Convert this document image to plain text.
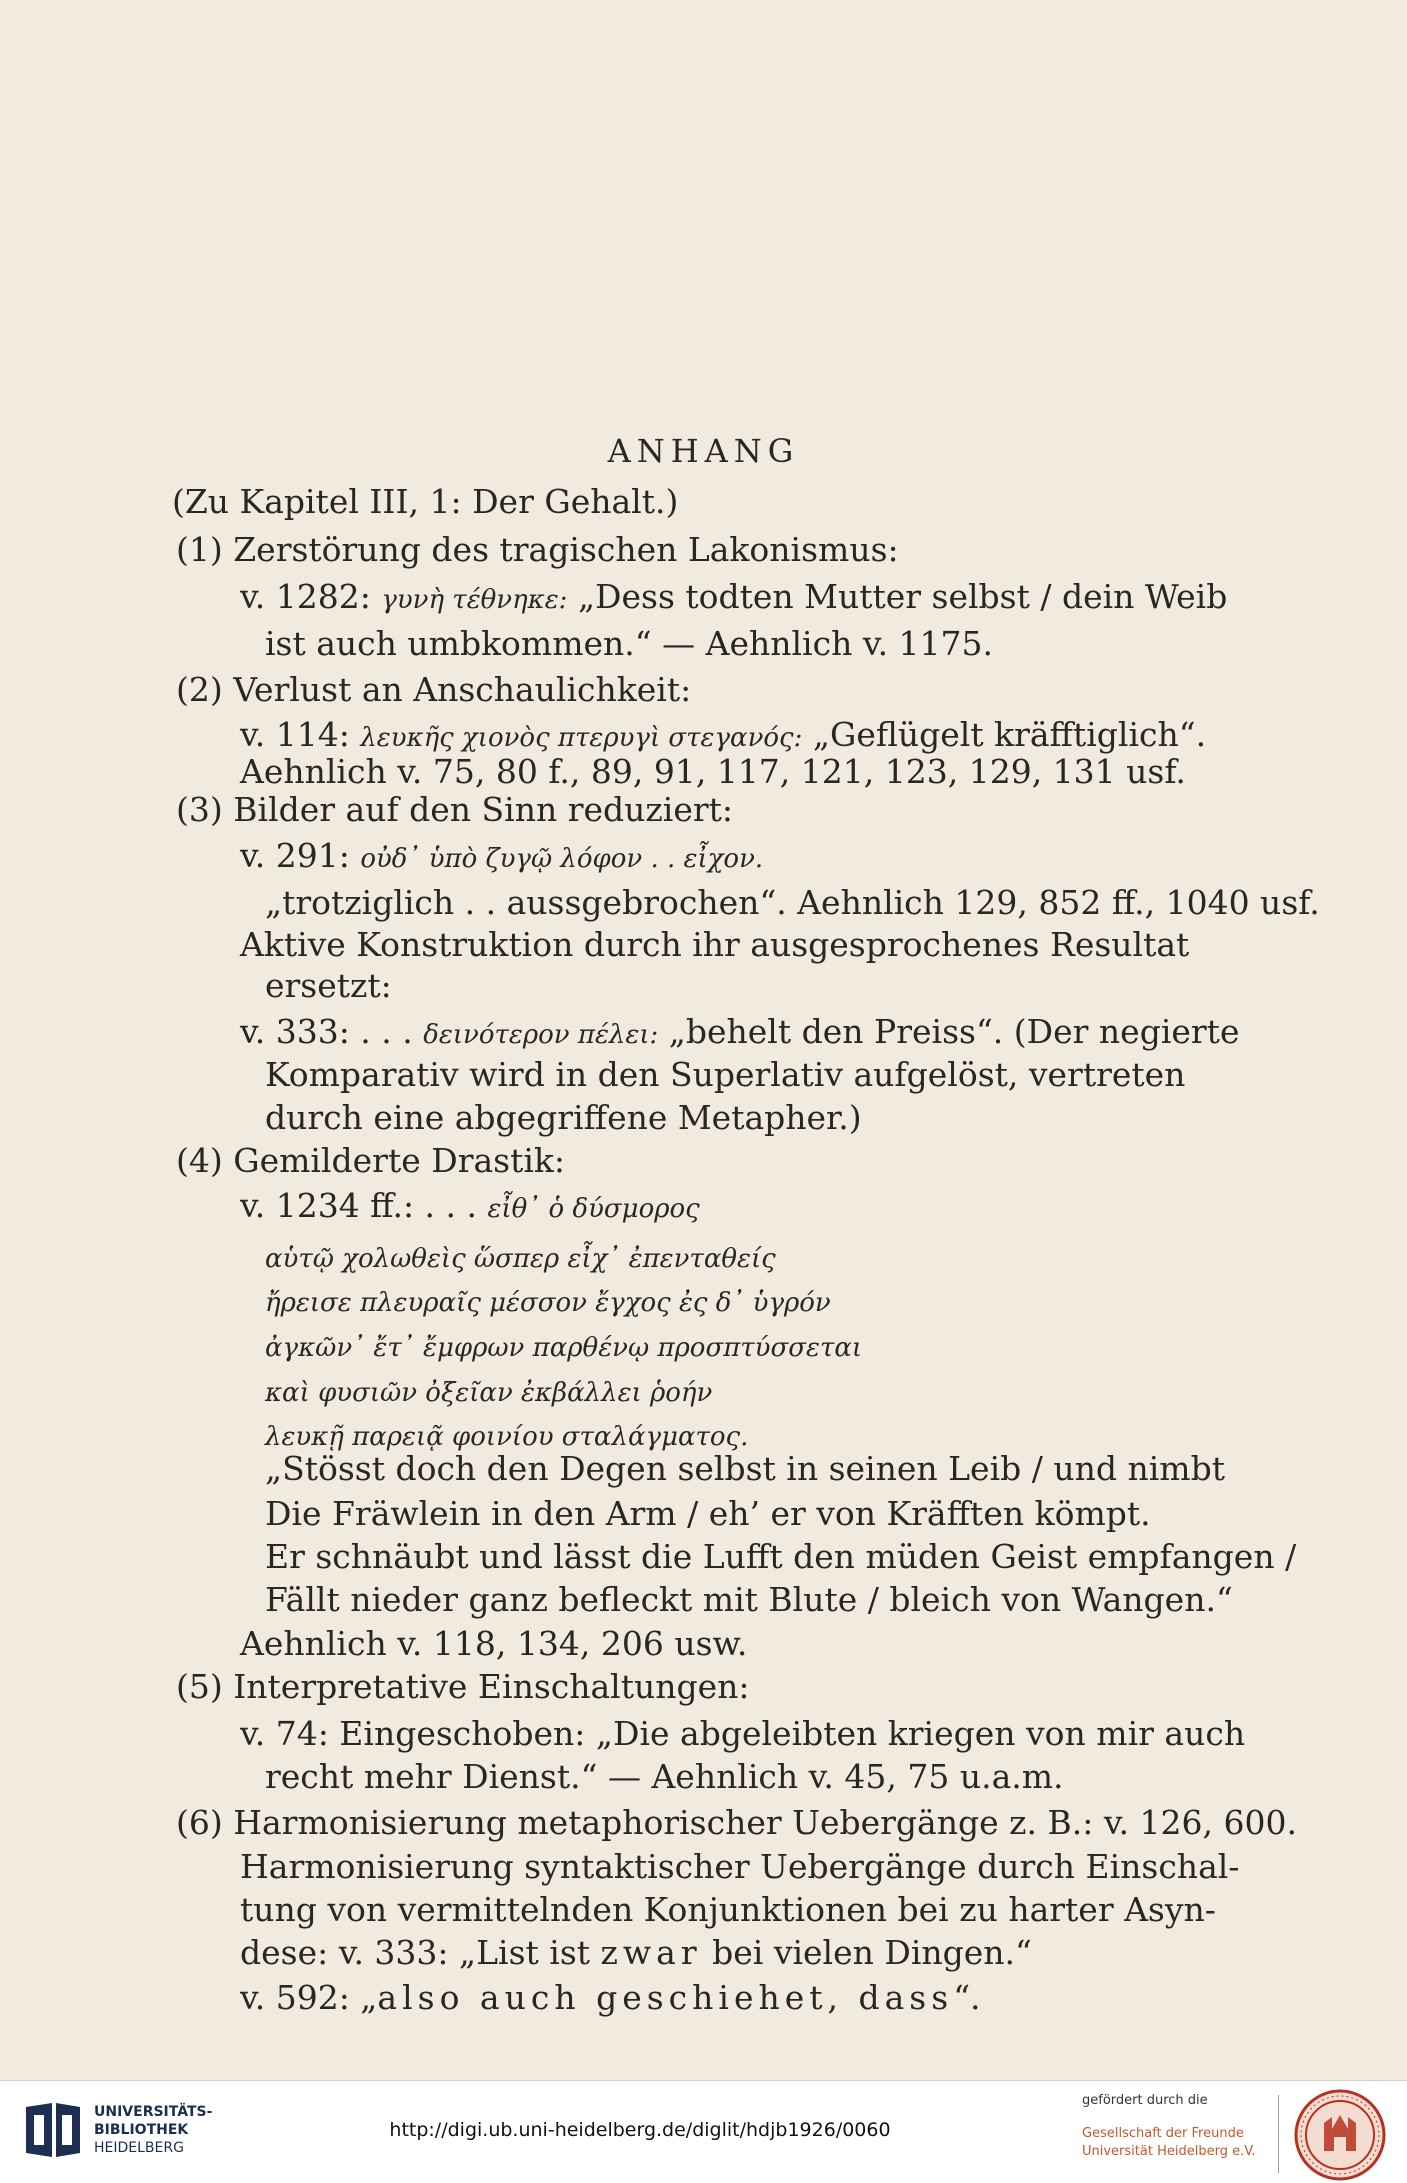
ANHANG
(Zu Kapitel III, 1: Der Gehalt.)
(1) Zerstörung des tragischen Lakonismus:
v. 1282: γυνὴ τέθνηκε: „Dess todten Mutter selbst / dein Weib
ist auch umbkommen.“ — Aehnlich v. 1175.
(2) Verlust an Anschaulichkeit:
v. 114: λευκῆς χιονὸς πτερυγὶ στεγανός: „Geflügelt kräfftiglich“.
Aehnlich v. 75, 80 f., 89, 91, 117, 121, 123, 129, 131 usf.
(3) Bilder auf den Sinn reduziert:
v. 291: οὐδ᾽ ὑπὸ ζυγῷ λόφον . . εἶχον.
„trotziglich . . aussgebrochen“. Aehnlich 129, 852 ff., 1040 usf.
Aktive Konstruktion durch ihr ausgesprochenes Resultat
ersetzt:
v. 333: . . . δεινότερον πέλει: „behelt den Preiss“. (Der negierte
Komparativ wird in den Superlativ aufgelöst, vertreten
durch eine abgegriffene Metapher.)
(4) Gemilderte Drastik:
v. 1234 ff.: . . . εἶθ᾽ ὁ δύσμορος
αὑτῷ χολωθεὶς ὥσπερ εἶχ᾽ ἐπενταθείς
ἤρεισε πλευραῖς μέσσον ἔγχος ἐς δ᾽ ὑγρόν
ἀγκῶν᾽ ἔτ᾽ ἔμφρων παρθένῳ προσπτύσσεται
καὶ φυσιῶν ὀξεῖαν ἐκβάλλει ῥοήν
λευκῇ παρειᾷ φοινίου σταλάγματος.
„Stösst doch den Degen selbst in seinen Leib / und nimbt
Die Fräwlein in den Arm / eh’ er von Kräfften kömpt.
Er schnäubt und lässt die Lufft den müden Geist empfangen /
Fällt nieder ganz befleckt mit Blute / bleich von Wangen.“
Aehnlich v. 118, 134, 206 usw.
(5) Interpretative Einschaltungen:
v. 74: Eingeschoben: „Die abgeleibten kriegen von mir auch
recht mehr Dienst.“ — Aehnlich v. 45, 75 u.a.m.
(6) Harmonisierung metaphorischer Uebergänge z. B.: v. 126, 600.
Harmonisierung syntaktischer Uebergänge durch Einschal-
tung von vermittelnden Konjunktionen bei zu harter Asyn-
dese: v. 333: „List ist zwar bei vielen Dingen.“
v. 592: „also auch geschiehet, dass“.
UNIVERSITÄTS-
BIBLIOTHEK
HEIDELBERG
http://digi.ub.uni-heidelberg.de/diglit/hdjb1926/0060
gefördert durch die
Gesellschaft der Freunde
Universität Heidelberg e.V.
